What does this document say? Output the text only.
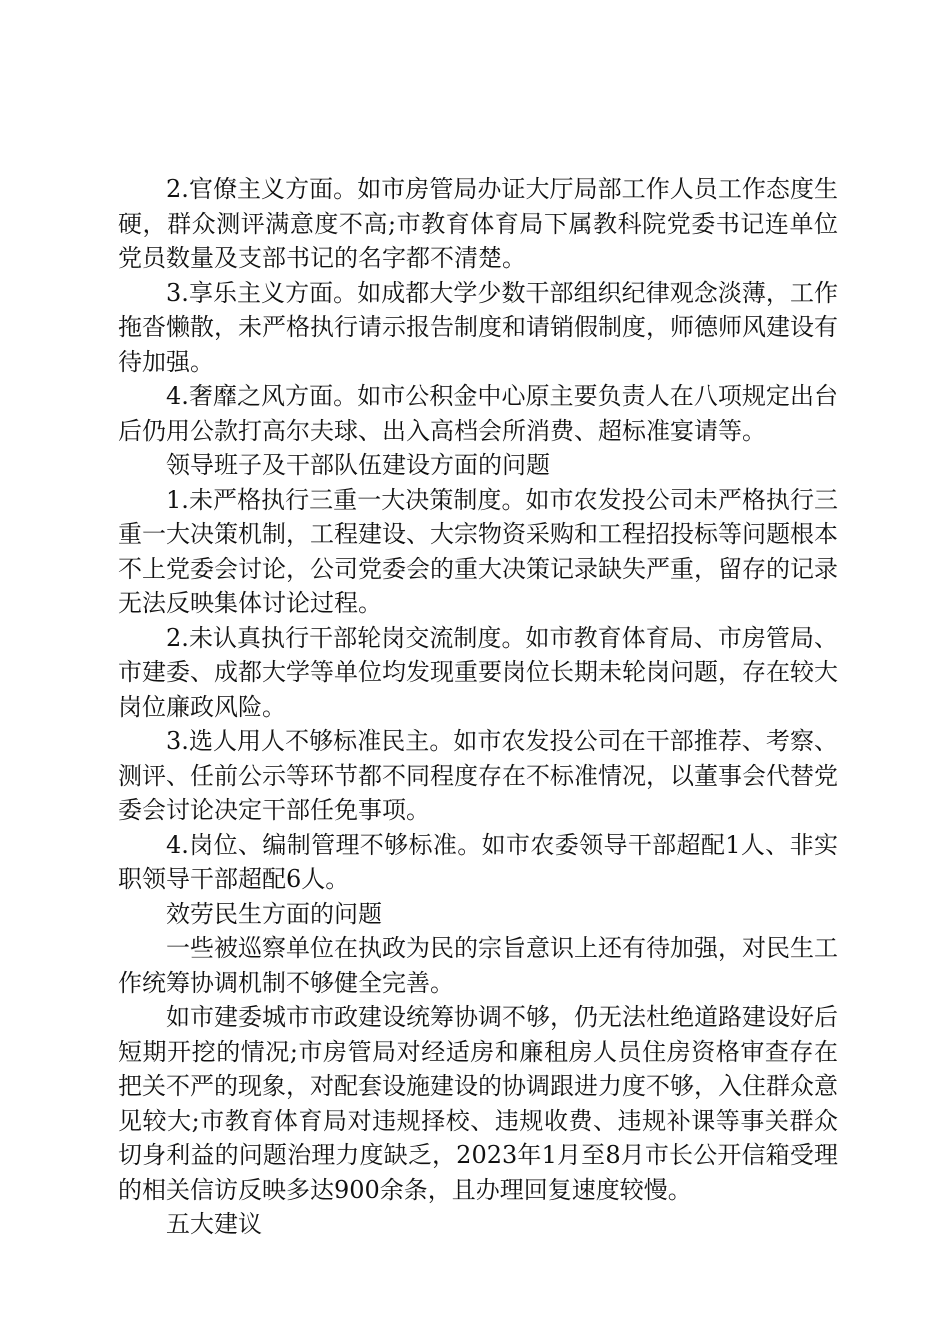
2.官僚主义方面。如市房管局办证大厅局部工作人员工作态度生硬，群众测评满意度不高;市教育体育局下属教科院党委书记连单位党员数量及支部书记的名字都不清楚。

3.享乐主义方面。如成都大学少数干部组织纪律观念淡薄，工作拖沓懒散，未严格执行请示报告制度和请销假制度，师德师风建设有待加强。

4.奢靡之风方面。如市公积金中心原主要负责人在八项规定出台后仍用公款打高尔夫球、出入高档会所消费、超标准宴请等。

领导班子及干部队伍建设方面的问题

1.未严格执行三重一大决策制度。如市农发投公司未严格执行三重一大决策机制，工程建设、大宗物资采购和工程招投标等问题根本不上党委会讨论，公司党委会的重大决策记录缺失严重，留存的记录无法反映集体讨论过程。

2.未认真执行干部轮岗交流制度。如市教育体育局、市房管局、市建委、成都大学等单位均发现重要岗位长期未轮岗问题，存在较大岗位廉政风险。

3.选人用人不够标准民主。如市农发投公司在干部推荐、考察、测评、任前公示等环节都不同程度存在不标准情况，以董事会代替党委会讨论决定干部任免事项。

4.岗位、编制管理不够标准。如市农委领导干部超配1人、非实职领导干部超配6人。

效劳民生方面的问题

一些被巡察单位在执政为民的宗旨意识上还有待加强，对民生工作统筹协调机制不够健全完善。

如市建委城市市政建设统筹协调不够，仍无法杜绝道路建设好后短期开挖的情况;市房管局对经适房和廉租房人员住房资格审查存在把关不严的现象，对配套设施建设的协调跟进力度不够，入住群众意见较大;市教育体育局对违规择校、违规收费、违规补课等事关群众切身利益的问题治理力度缺乏，2023年1月至8月市长公开信箱受理的相关信访反映多达900余条，且办理回复速度较慢。

五大建议
